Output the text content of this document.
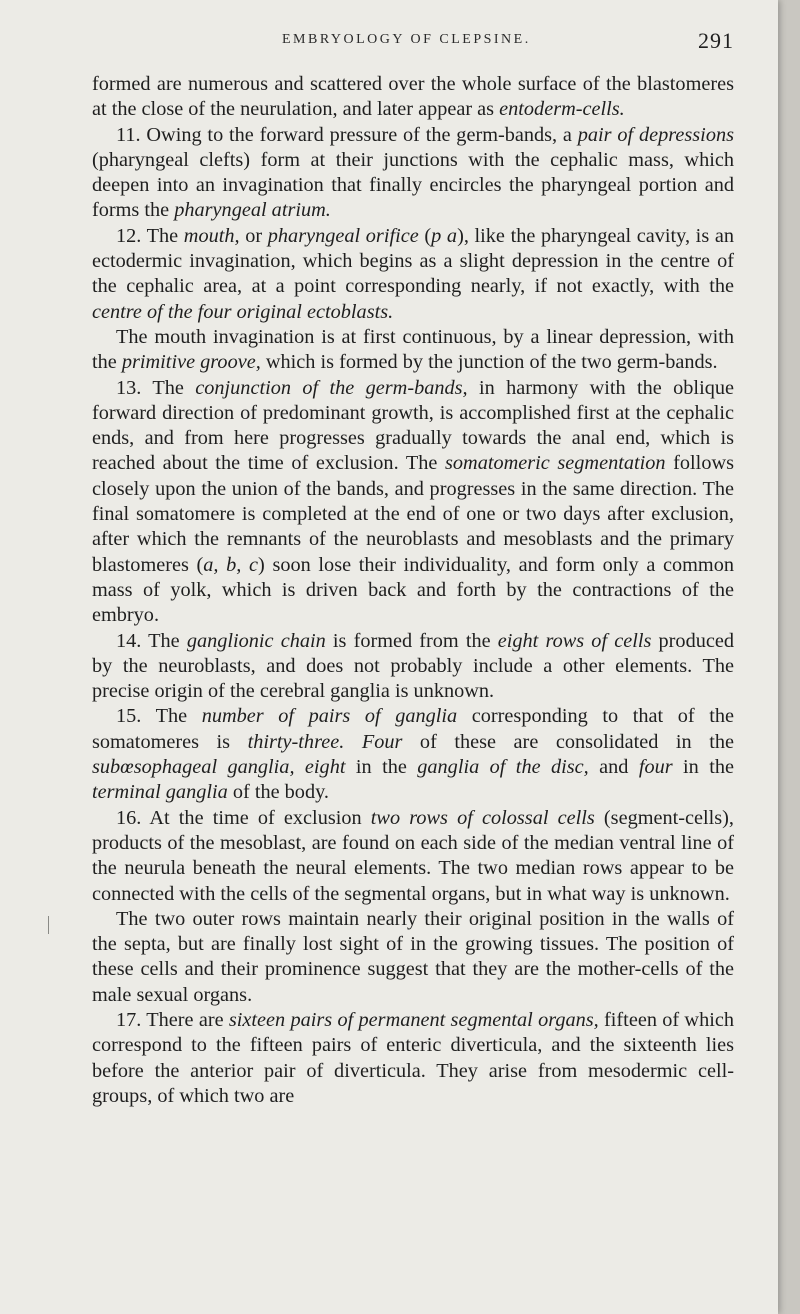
EMBRYOLOGY OF CLEPSINE.	291

formed are numerous and scattered over the whole surface of the blastomeres at the close of the neurulation, and later appear as entoderm-cells.

11. Owing to the forward pressure of the germ-bands, a pair of depressions (pharyngeal clefts) form at their junctions with the cephalic mass, which deepen into an invagination that finally encircles the pharyngeal portion and forms the pharyngeal atrium.

12. The mouth, or pharyngeal orifice (p a), like the pharyngeal cavity, is an ectodermic invagination, which begins as a slight depression in the centre of the cephalic area, at a point corresponding nearly, if not exactly, with the centre of the four original ectoblasts.

The mouth invagination is at first continuous, by a linear depression, with the primitive groove, which is formed by the junction of the two germ-bands.

13. The conjunction of the germ-bands, in harmony with the oblique forward direction of predominant growth, is accomplished first at the cephalic ends, and from here progresses gradually towards the anal end, which is reached about the time of exclusion. The somatomeric segmentation follows closely upon the union of the bands, and progresses in the same direction. The final somatomere is completed at the end of one or two days after exclusion, after which the remnants of the neuroblasts and mesoblasts and the primary blastomeres (a, b, c) soon lose their individuality, and form only a common mass of yolk, which is driven back and forth by the contractions of the embryo.

14. The ganglionic chain is formed from the eight rows of cells produced by the neuroblasts, and does not probably include a other elements. The precise origin of the cerebral ganglia is unknown.

15. The number of pairs of ganglia corresponding to that of the somatomeres is thirty-three. Four of these are consolidated in the subœsophageal ganglia, eight in the ganglia of the disc, and four in the terminal ganglia of the body.

16. At the time of exclusion two rows of colossal cells (segment-cells), products of the mesoblast, are found on each side of the median ventral line of the neurula beneath the neural elements. The two median rows appear to be connected with the cells of the segmental organs, but in what way is unknown.

The two outer rows maintain nearly their original position in the walls of the septa, but are finally lost sight of in the growing tissues. The position of these cells and their prominence suggest that they are the mother-cells of the male sexual organs.

17. There are sixteen pairs of permanent segmental organs, fifteen of which correspond to the fifteen pairs of enteric diverticula, and the sixteenth lies before the anterior pair of diverticula. They arise from mesodermic cell-groups, of which two are
